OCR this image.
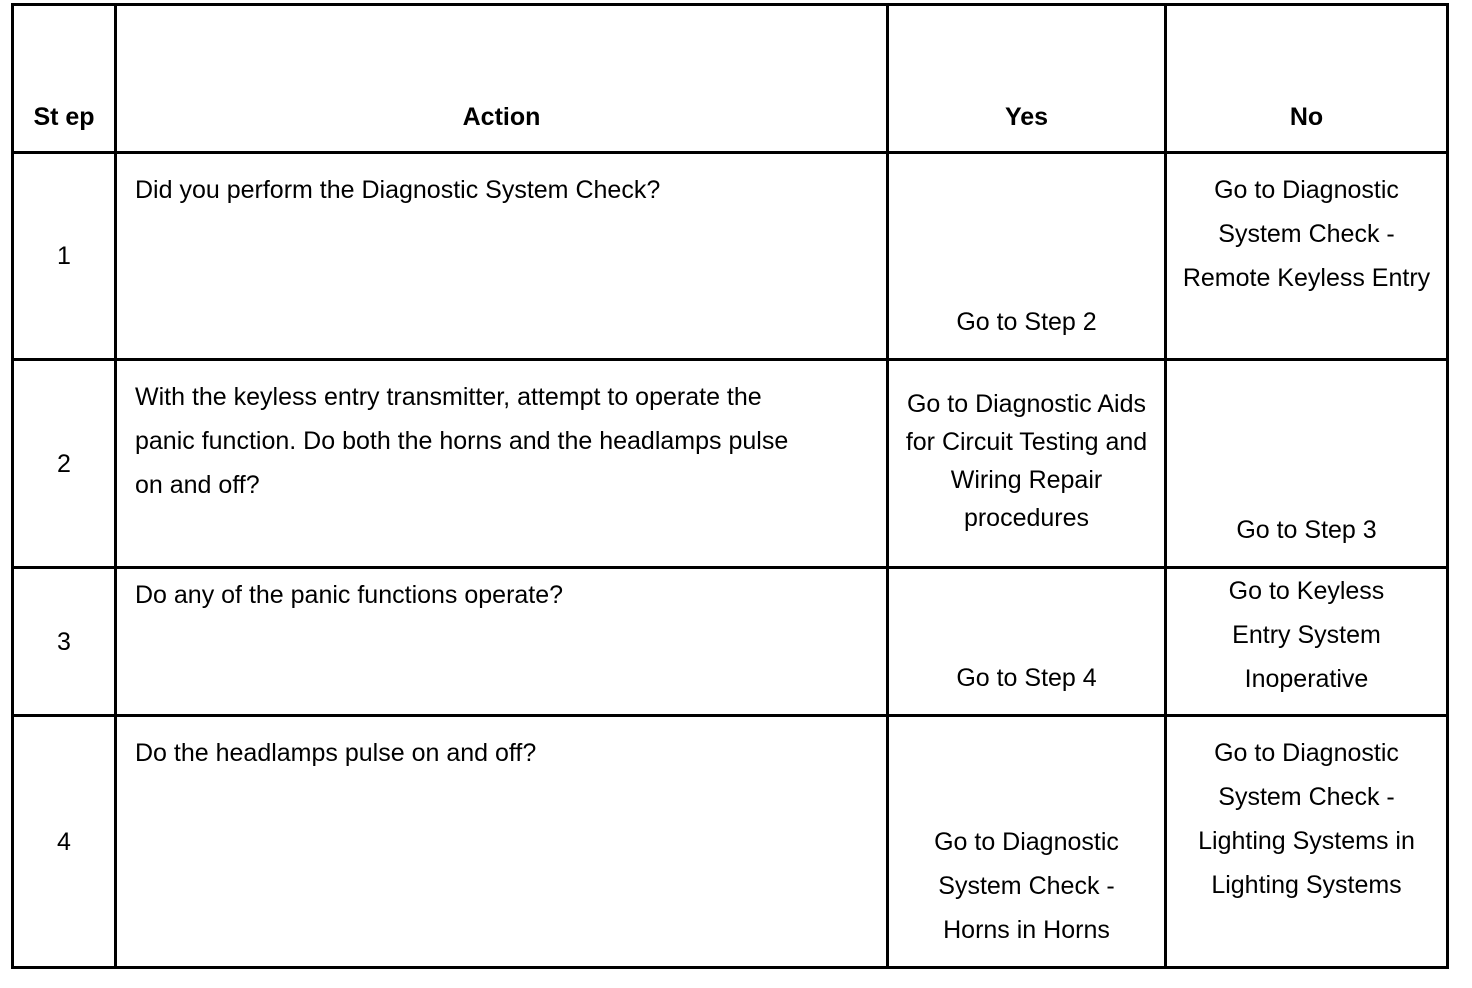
St ep	Action	Yes	No
1	Did you perform the Diagnostic System Check?	Go to Step 2	Go to Diagnostic System Check - Remote Keyless Entry
2	With the keyless entry transmitter, attempt to operate the panic function. Do both the horns and the headlamps pulse on and off?	Go to Diagnostic Aids for Circuit Testing and Wiring Repair procedures	Go to Step 3
3	Do any of the panic functions operate?	Go to Step 4	Go to Keyless Entry System Inoperative
4	Do the headlamps pulse on and off?	Go to Diagnostic System Check - Horns in Horns	Go to Diagnostic System Check - Lighting Systems in Lighting Systems
